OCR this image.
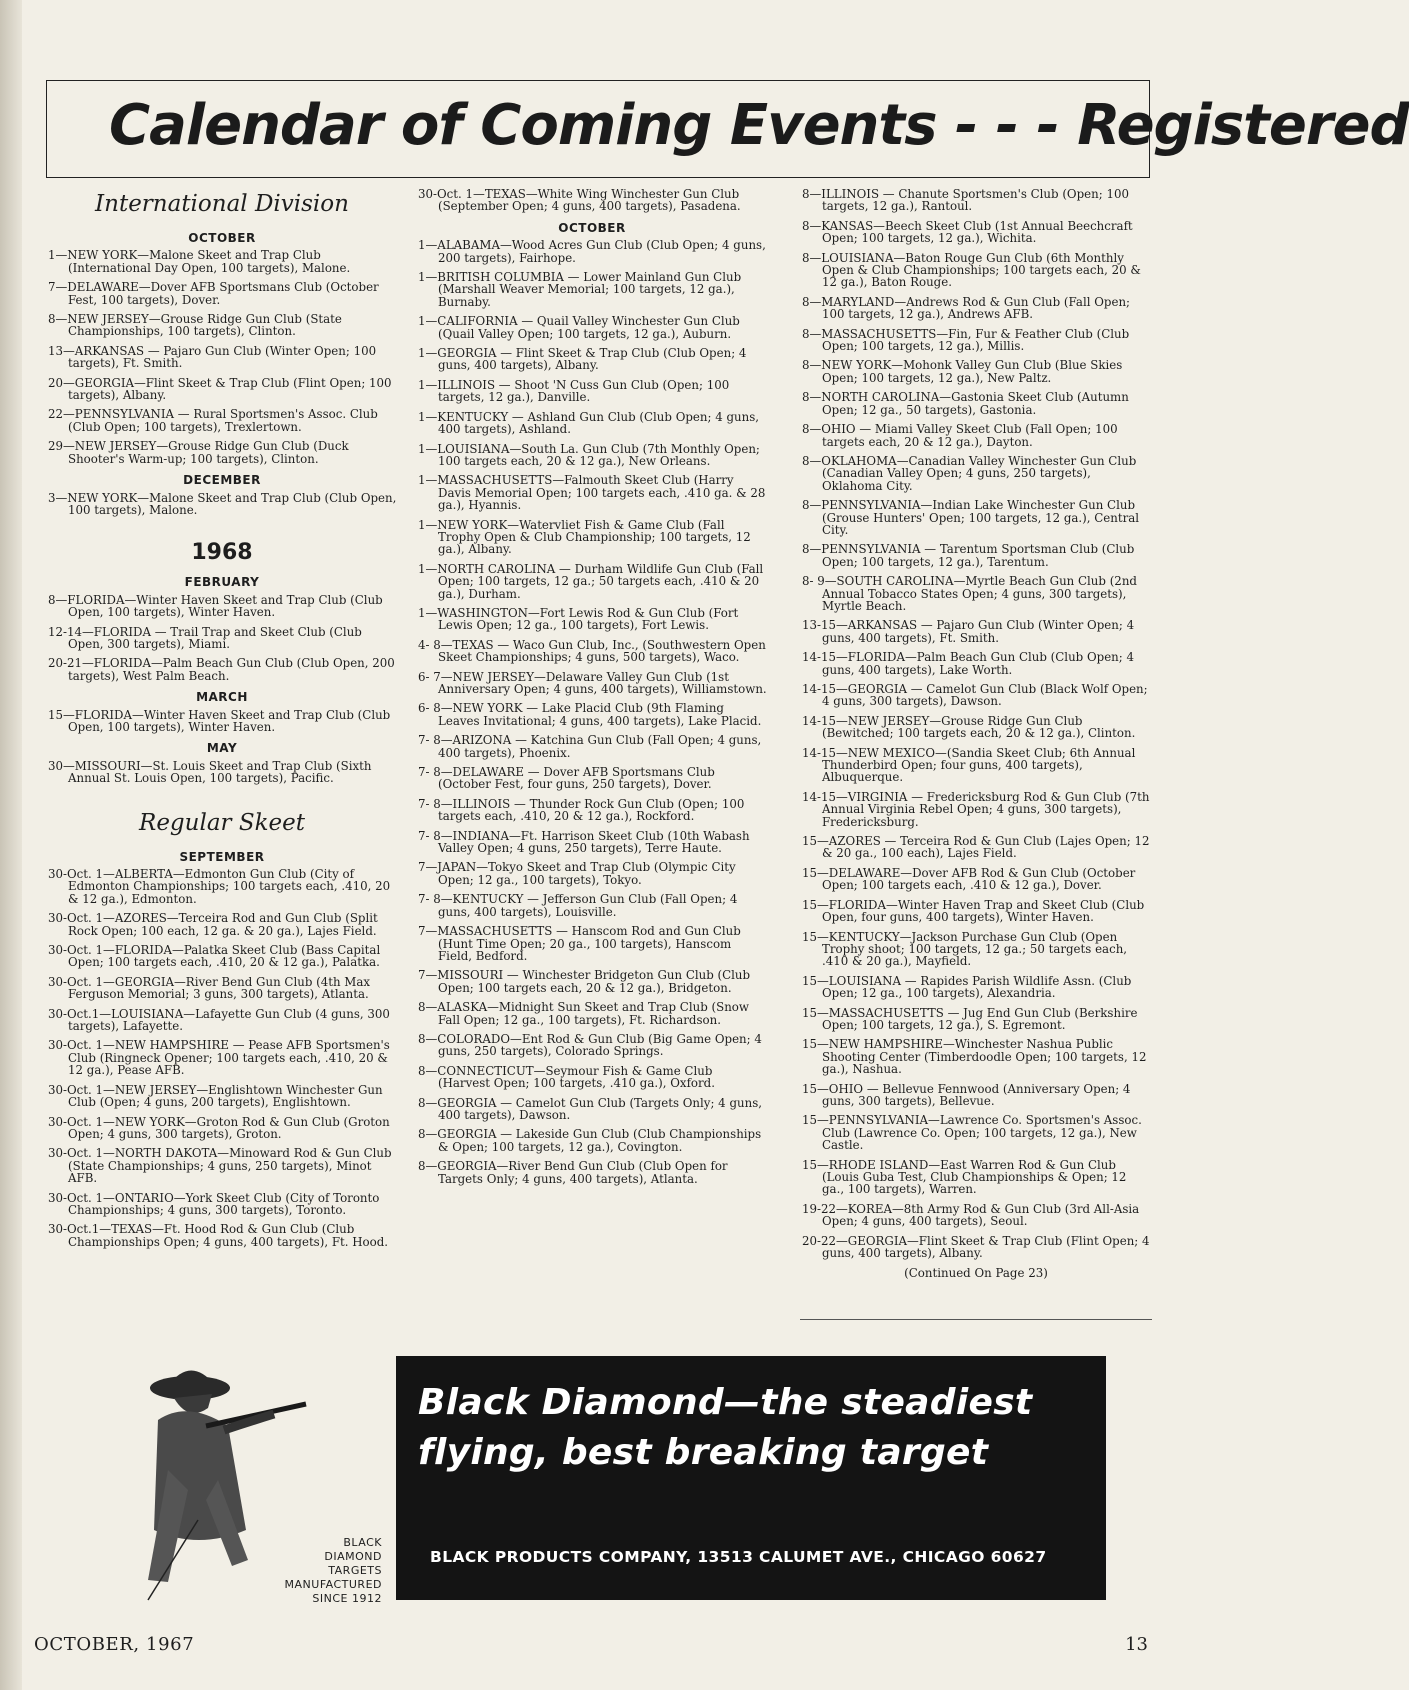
Calendar of Coming Events - - - Registered
International Division
OCTOBER

1—NEW YORK—Malone Skeet and Trap Club (International Day Open, 100 targets), Malone.

7—DELAWARE—Dover AFB Sportsmans Club (October Fest, 100 targets), Dover.

8—NEW JERSEY—Grouse Ridge Gun Club (State Championships, 100 targets), Clinton.

13—ARKANSAS — Pajaro Gun Club (Winter Open; 100 targets), Ft. Smith.

20—GEORGIA—Flint Skeet & Trap Club (Flint Open; 100 targets), Albany.

22—PENNSYLVANIA — Rural Sportsmen's Assoc. Club (Club Open; 100 targets), Trexlertown.

29—NEW JERSEY—Grouse Ridge Gun Club (Duck Shooter's Warm-up; 100 targets), Clinton.

DECEMBER

3—NEW YORK—Malone Skeet and Trap Club (Club Open, 100 targets), Malone.

1968
FEBRUARY

8—FLORIDA—Winter Haven Skeet and Trap Club (Club Open, 100 targets), Winter Haven.

12-14—FLORIDA — Trail Trap and Skeet Club (Club Open, 300 targets), Miami.

20-21—FLORIDA—Palm Beach Gun Club (Club Open, 200 targets), West Palm Beach.

MARCH

15—FLORIDA—Winter Haven Skeet and Trap Club (Club Open, 100 targets), Winter Haven.

MAY

30—MISSOURI—St. Louis Skeet and Trap Club (Sixth Annual St. Louis Open, 100 targets), Pacific.

Regular Skeet
SEPTEMBER

30-Oct. 1—ALBERTA—Edmonton Gun Club (City of Edmonton Championships; 100 targets each, .410, 20 & 12 ga.), Edmonton.

30-Oct. 1—AZORES—Terceira Rod and Gun Club (Split Rock Open; 100 each, 12 ga. & 20 ga.), Lajes Field.

30-Oct. 1—FLORIDA—Palatka Skeet Club (Bass Capital Open; 100 targets each, .410, 20 & 12 ga.), Palatka.

30-Oct. 1—GEORGIA—River Bend Gun Club (4th Max Ferguson Memorial; 3 guns, 300 targets), Atlanta.

30-Oct.1—LOUISIANA—Lafayette Gun Club (4 guns, 300 targets), Lafayette.

30-Oct. 1—NEW HAMPSHIRE — Pease AFB Sportsmen's Club (Ringneck Opener; 100 targets each, .410, 20 & 12 ga.), Pease AFB.

30-Oct. 1—NEW JERSEY—Englishtown Winchester Gun Club (Open; 4 guns, 200 targets), Englishtown.

30-Oct. 1—NEW YORK—Groton Rod & Gun Club (Groton Open; 4 guns, 300 targets), Groton.

30-Oct. 1—NORTH DAKOTA—Minoward Rod & Gun Club (State Championships; 4 guns, 250 targets), Minot AFB.

30-Oct. 1—ONTARIO—York Skeet Club (City of Toronto Championships; 4 guns, 300 targets), Toronto.

30-Oct.1—TEXAS—Ft. Hood Rod & Gun Club (Club Championships Open; 4 guns, 400 targets), Ft. Hood.

30-Oct. 1—TEXAS—White Wing Winchester Gun Club (September Open; 4 guns, 400 targets), Pasadena.

OCTOBER

1—ALABAMA—Wood Acres Gun Club (Club Open; 4 guns, 200 targets), Fairhope.

1—BRITISH COLUMBIA — Lower Mainland Gun Club (Marshall Weaver Memorial; 100 targets, 12 ga.), Burnaby.

1—CALIFORNIA — Quail Valley Winchester Gun Club (Quail Valley Open; 100 targets, 12 ga.), Auburn.

1—GEORGIA — Flint Skeet & Trap Club (Club Open; 4 guns, 400 targets), Albany.

1—ILLINOIS — Shoot 'N Cuss Gun Club (Open; 100 targets, 12 ga.), Danville.

1—KENTUCKY — Ashland Gun Club (Club Open; 4 guns, 400 targets), Ashland.

1—LOUISIANA—South La. Gun Club (7th Monthly Open; 100 targets each, 20 & 12 ga.), New Orleans.

1—MASSACHUSETTS—Falmouth Skeet Club (Harry Davis Memorial Open; 100 targets each, .410 ga. & 28 ga.), Hyannis.

1—NEW YORK—Watervliet Fish & Game Club (Fall Trophy Open & Club Championship; 100 targets, 12 ga.), Albany.

1—NORTH CAROLINA — Durham Wildlife Gun Club (Fall Open; 100 targets, 12 ga.; 50 targets each, .410 & 20 ga.), Durham.

1—WASHINGTON—Fort Lewis Rod & Gun Club (Fort Lewis Open; 12 ga., 100 targets), Fort Lewis.

4- 8—TEXAS — Waco Gun Club, Inc., (Southwestern Open Skeet Championships; 4 guns, 500 targets), Waco.

6- 7—NEW JERSEY—Delaware Valley Gun Club (1st Anniversary Open; 4 guns, 400 targets), Williamstown.

6- 8—NEW YORK — Lake Placid Club (9th Flaming Leaves Invitational; 4 guns, 400 targets), Lake Placid.

7- 8—ARIZONA — Katchina Gun Club (Fall Open; 4 guns, 400 targets), Phoenix.

7- 8—DELAWARE — Dover AFB Sportsmans Club (October Fest, four guns, 250 targets), Dover.

7- 8—ILLINOIS — Thunder Rock Gun Club (Open; 100 targets each, .410, 20 & 12 ga.), Rockford.

7- 8—INDIANA—Ft. Harrison Skeet Club (10th Wabash Valley Open; 4 guns, 250 targets), Terre Haute.

7—JAPAN—Tokyo Skeet and Trap Club (Olympic City Open; 12 ga., 100 targets), Tokyo.

7- 8—KENTUCKY — Jefferson Gun Club (Fall Open; 4 guns, 400 targets), Louisville.

7—MASSACHUSETTS — Hanscom Rod and Gun Club (Hunt Time Open; 20 ga., 100 targets), Hanscom Field, Bedford.

7—MISSOURI — Winchester Bridgeton Gun Club (Club Open; 100 targets each, 20 & 12 ga.), Bridgeton.

8—ALASKA—Midnight Sun Skeet and Trap Club (Snow Fall Open; 12 ga., 100 targets), Ft. Richardson.

8—COLORADO—Ent Rod & Gun Club (Big Game Open; 4 guns, 250 targets), Colorado Springs.

8—CONNECTICUT—Seymour Fish & Game Club (Harvest Open; 100 targets, .410 ga.), Oxford.

8—GEORGIA — Camelot Gun Club (Targets Only; 4 guns, 400 targets), Dawson.

8—GEORGIA — Lakeside Gun Club (Club Championships & Open; 100 targets, 12 ga.), Covington.

8—GEORGIA—River Bend Gun Club (Club Open for Targets Only; 4 guns, 400 targets), Atlanta.

8—ILLINOIS — Chanute Sportsmen's Club (Open; 100 targets, 12 ga.), Rantoul.

8—KANSAS—Beech Skeet Club (1st Annual Beechcraft Open; 100 targets, 12 ga.), Wichita.

8—LOUISIANA—Baton Rouge Gun Club (6th Monthly Open & Club Championships; 100 targets each, 20 & 12 ga.), Baton Rouge.

8—MARYLAND—Andrews Rod & Gun Club (Fall Open; 100 targets, 12 ga.), Andrews AFB.

8—MASSACHUSETTS—Fin, Fur & Feather Club (Club Open; 100 targets, 12 ga.), Millis.

8—NEW YORK—Mohonk Valley Gun Club (Blue Skies Open; 100 targets, 12 ga.), New Paltz.

8—NORTH CAROLINA—Gastonia Skeet Club (Autumn Open; 12 ga., 50 targets), Gastonia.

8—OHIO — Miami Valley Skeet Club (Fall Open; 100 targets each, 20 & 12 ga.), Dayton.

8—OKLAHOMA—Canadian Valley Winchester Gun Club (Canadian Valley Open; 4 guns, 250 targets), Oklahoma City.

8—PENNSYLVANIA—Indian Lake Winchester Gun Club (Grouse Hunters' Open; 100 targets, 12 ga.), Central City.

8—PENNSYLVANIA — Tarentum Sportsman Club (Club Open; 100 targets, 12 ga.), Tarentum.

8- 9—SOUTH CAROLINA—Myrtle Beach Gun Club (2nd Annual Tobacco States Open; 4 guns, 300 targets), Myrtle Beach.

13-15—ARKANSAS — Pajaro Gun Club (Winter Open; 4 guns, 400 targets), Ft. Smith.

14-15—FLORIDA—Palm Beach Gun Club (Club Open; 4 guns, 400 targets), Lake Worth.

14-15—GEORGIA — Camelot Gun Club (Black Wolf Open; 4 guns, 300 targets), Dawson.

14-15—NEW JERSEY—Grouse Ridge Gun Club (Bewitched; 100 targets each, 20 & 12 ga.), Clinton.

14-15—NEW MEXICO—(Sandia Skeet Club; 6th Annual Thunderbird Open; four guns, 400 targets), Albuquerque.

14-15—VIRGINIA — Fredericksburg Rod & Gun Club (7th Annual Virginia Rebel Open; 4 guns, 300 targets), Fredericksburg.

15—AZORES — Terceira Rod & Gun Club (Lajes Open; 12 & 20 ga., 100 each), Lajes Field.

15—DELAWARE—Dover AFB Rod & Gun Club (October Open; 100 targets each, .410 & 12 ga.), Dover.

15—FLORIDA—Winter Haven Trap and Skeet Club (Club Open, four guns, 400 targets), Winter Haven.

15—KENTUCKY—Jackson Purchase Gun Club (Open Trophy shoot; 100 targets, 12 ga.; 50 targets each, .410 & 20 ga.), Mayfield.

15—LOUISIANA — Rapides Parish Wildlife Assn. (Club Open; 12 ga., 100 targets), Alexandria.

15—MASSACHUSETTS — Jug End Gun Club (Berkshire Open; 100 targets, 12 ga.), S. Egremont.

15—NEW HAMPSHIRE—Winchester Nashua Public Shooting Center (Timberdoodle Open; 100 targets, 12 ga.), Nashua.

15—OHIO — Bellevue Fennwood (Anniversary Open; 4 guns, 300 targets), Bellevue.

15—PENNSYLVANIA—Lawrence Co. Sportsmen's Assoc. Club (Lawrence Co. Open; 100 targets, 12 ga.), New Castle.

15—RHODE ISLAND—East Warren Rod & Gun Club (Louis Guba Test, Club Championships & Open; 12 ga., 100 targets), Warren.

19-22—KOREA—8th Army Rod & Gun Club (3rd All-Asia Open; 4 guns, 400 targets), Seoul.

20-22—GEORGIA—Flint Skeet & Trap Club (Flint Open; 4 guns, 400 targets), Albany.

(Continued On Page 23)
BLACK
DIAMOND
TARGETS
MANUFACTURED
SINCE 1912
Black Diamond—the steadiest
flying, best breaking target
BLACK PRODUCTS COMPANY, 13513 CALUMET AVE., CHICAGO 60627
OCTOBER, 1967	13
